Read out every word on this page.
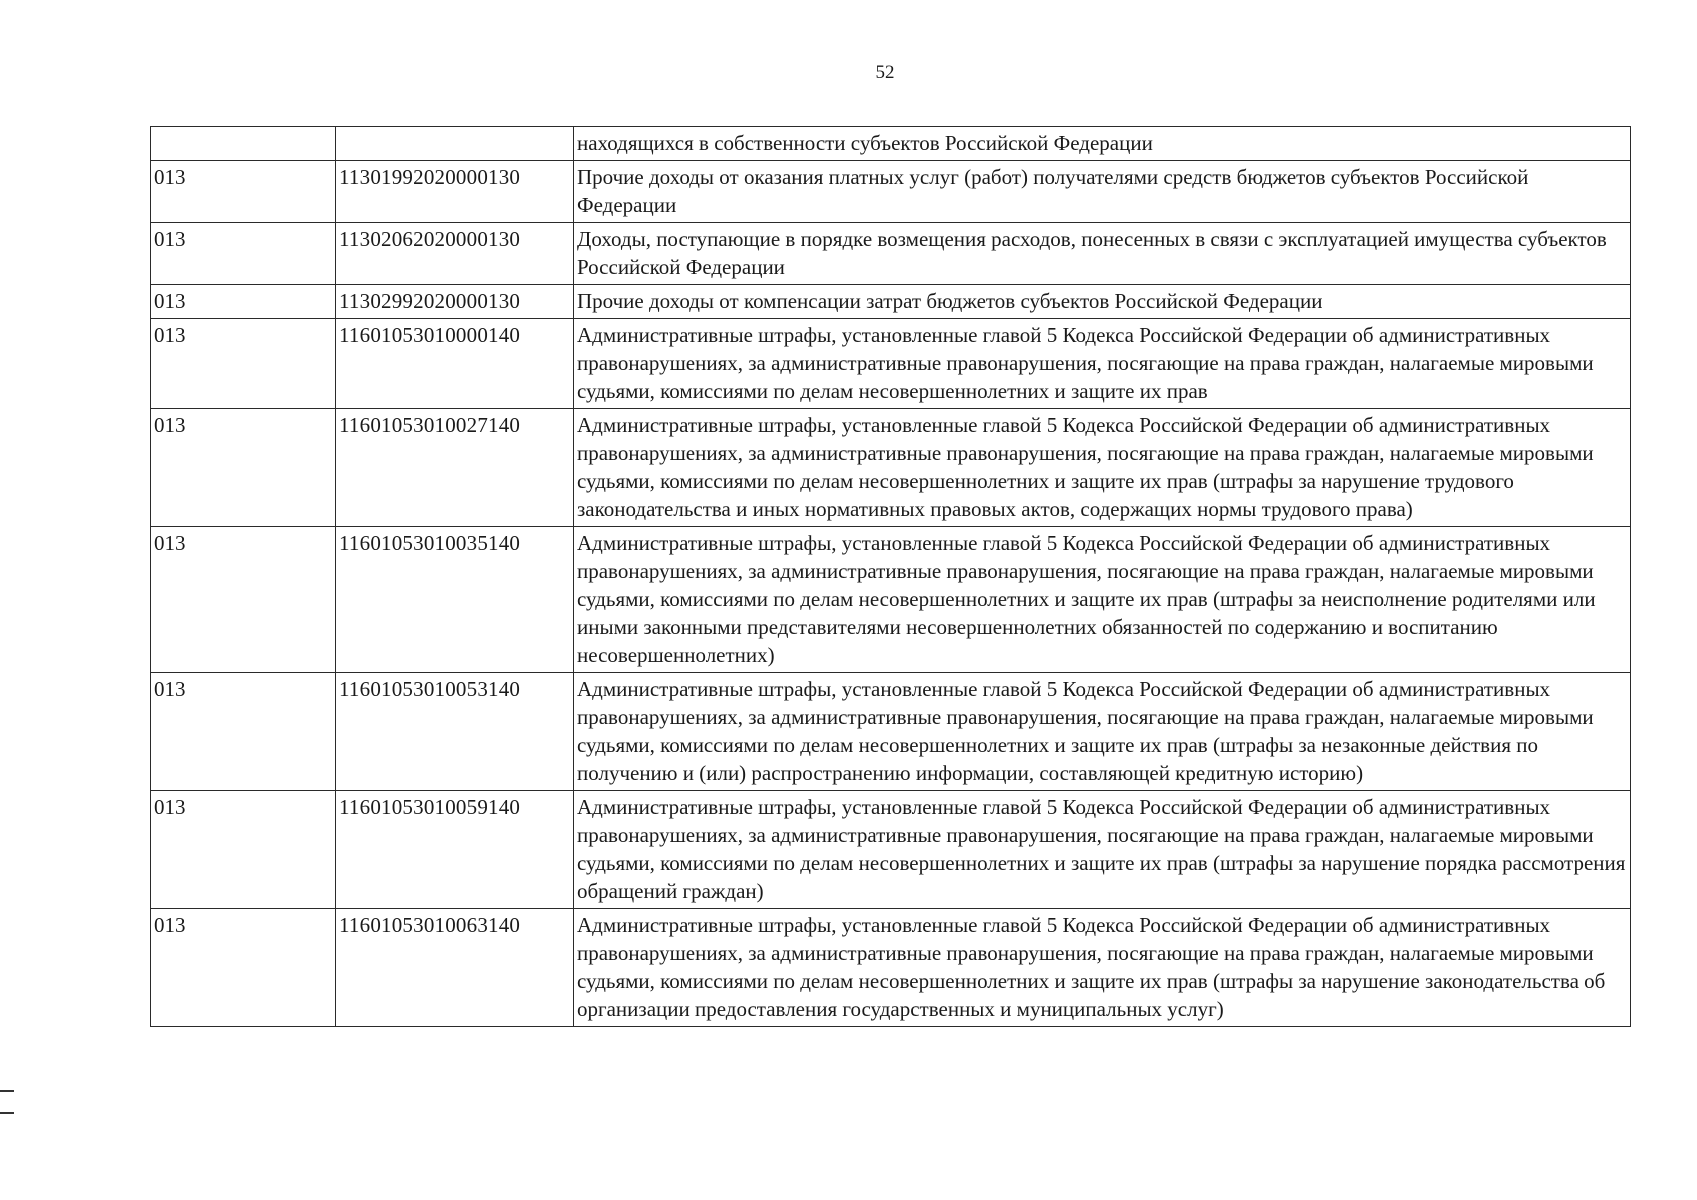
52
		находящихся в собственности субъектов Российской Федерации
013	11301992020000130	Прочие доходы от оказания платных услуг (работ) получателями средств бюджетов субъектов Российской Федерации
013	11302062020000130	Доходы, поступающие в порядке возмещения расходов, понесенных в связи с эксплуатацией имущества субъектов Российской Федерации
013	11302992020000130	Прочие доходы от компенсации затрат бюджетов субъектов Российской Федерации
013	11601053010000140	Административные штрафы, установленные главой 5 Кодекса Российской Федерации об административных правонарушениях, за административные правонарушения, посягающие на права граждан, налагаемые мировыми судьями, комиссиями по делам несовершеннолетних и защите их прав
013	11601053010027140	Административные штрафы, установленные главой 5 Кодекса Российской Федерации об административных правонарушениях, за административные правонарушения, посягающие на права граждан, налагаемые мировыми судьями, комиссиями по делам несовершеннолетних и защите их прав (штрафы за нарушение трудового законодательства и иных нормативных правовых актов, содержащих нормы трудового права)
013	11601053010035140	Административные штрафы, установленные главой 5 Кодекса Российской Федерации об административных правонарушениях, за административные правонарушения, посягающие на права граждан, налагаемые мировыми судьями, комиссиями по делам несовершеннолетних и защите их прав (штрафы за неисполнение родителями или иными законными представителями несовершеннолетних обязанностей по содержанию и воспитанию несовершеннолетних)
013	11601053010053140	Административные штрафы, установленные главой 5 Кодекса Российской Федерации об административных правонарушениях, за административные правонарушения, посягающие на права граждан, налагаемые мировыми судьями, комиссиями по делам несовершеннолетних и защите их прав (штрафы за незаконные действия по получению и (или) распространению информации, составляющей кредитную историю)
013	11601053010059140	Административные штрафы, установленные главой 5 Кодекса Российской Федерации об административных правонарушениях, за административные правонарушения, посягающие на права граждан, налагаемые мировыми судьями, комиссиями по делам несовершеннолетних и защите их прав (штрафы за нарушение порядка рассмотрения обращений граждан)
013	11601053010063140	Административные штрафы, установленные главой 5 Кодекса Российской Федерации об административных правонарушениях, за административные правонарушения, посягающие на права граждан, налагаемые мировыми судьями, комиссиями по делам несовершеннолетних и защите их прав (штрафы за нарушение законодательства об организации предоставления государственных и муниципальных услуг)
